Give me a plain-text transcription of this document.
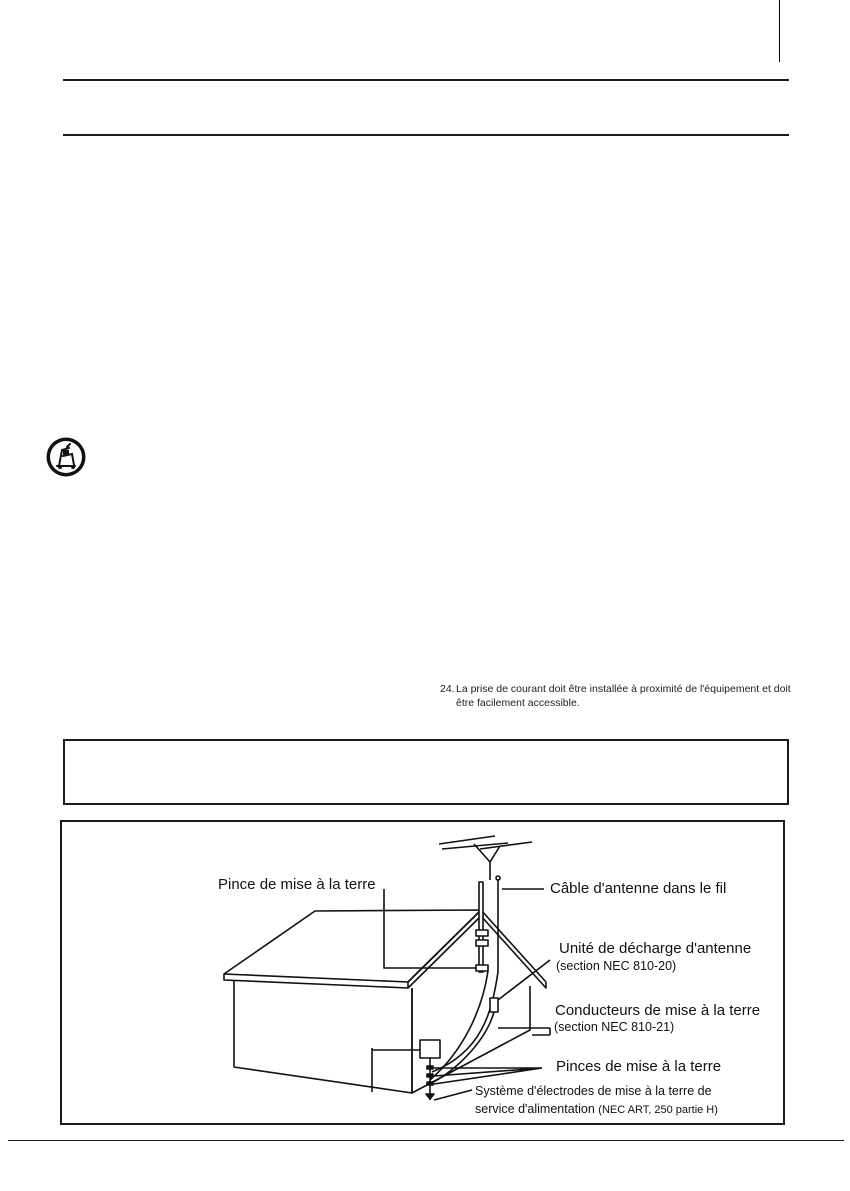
24.La prise de courant doit être installée à proximité de l'équipement et doit
être facilement accessible.
Pince de mise à la terre	Câble d'antenne dans le fil
Unité de décharge d'antenne
(section NEC 810-20)
Conducteurs de mise à la terre
(section NEC 810-21)
Pinces de mise à la terre
Système d'électrodes de mise à la terre de
service d'alimentation (NEC ART, 250 partie H)
